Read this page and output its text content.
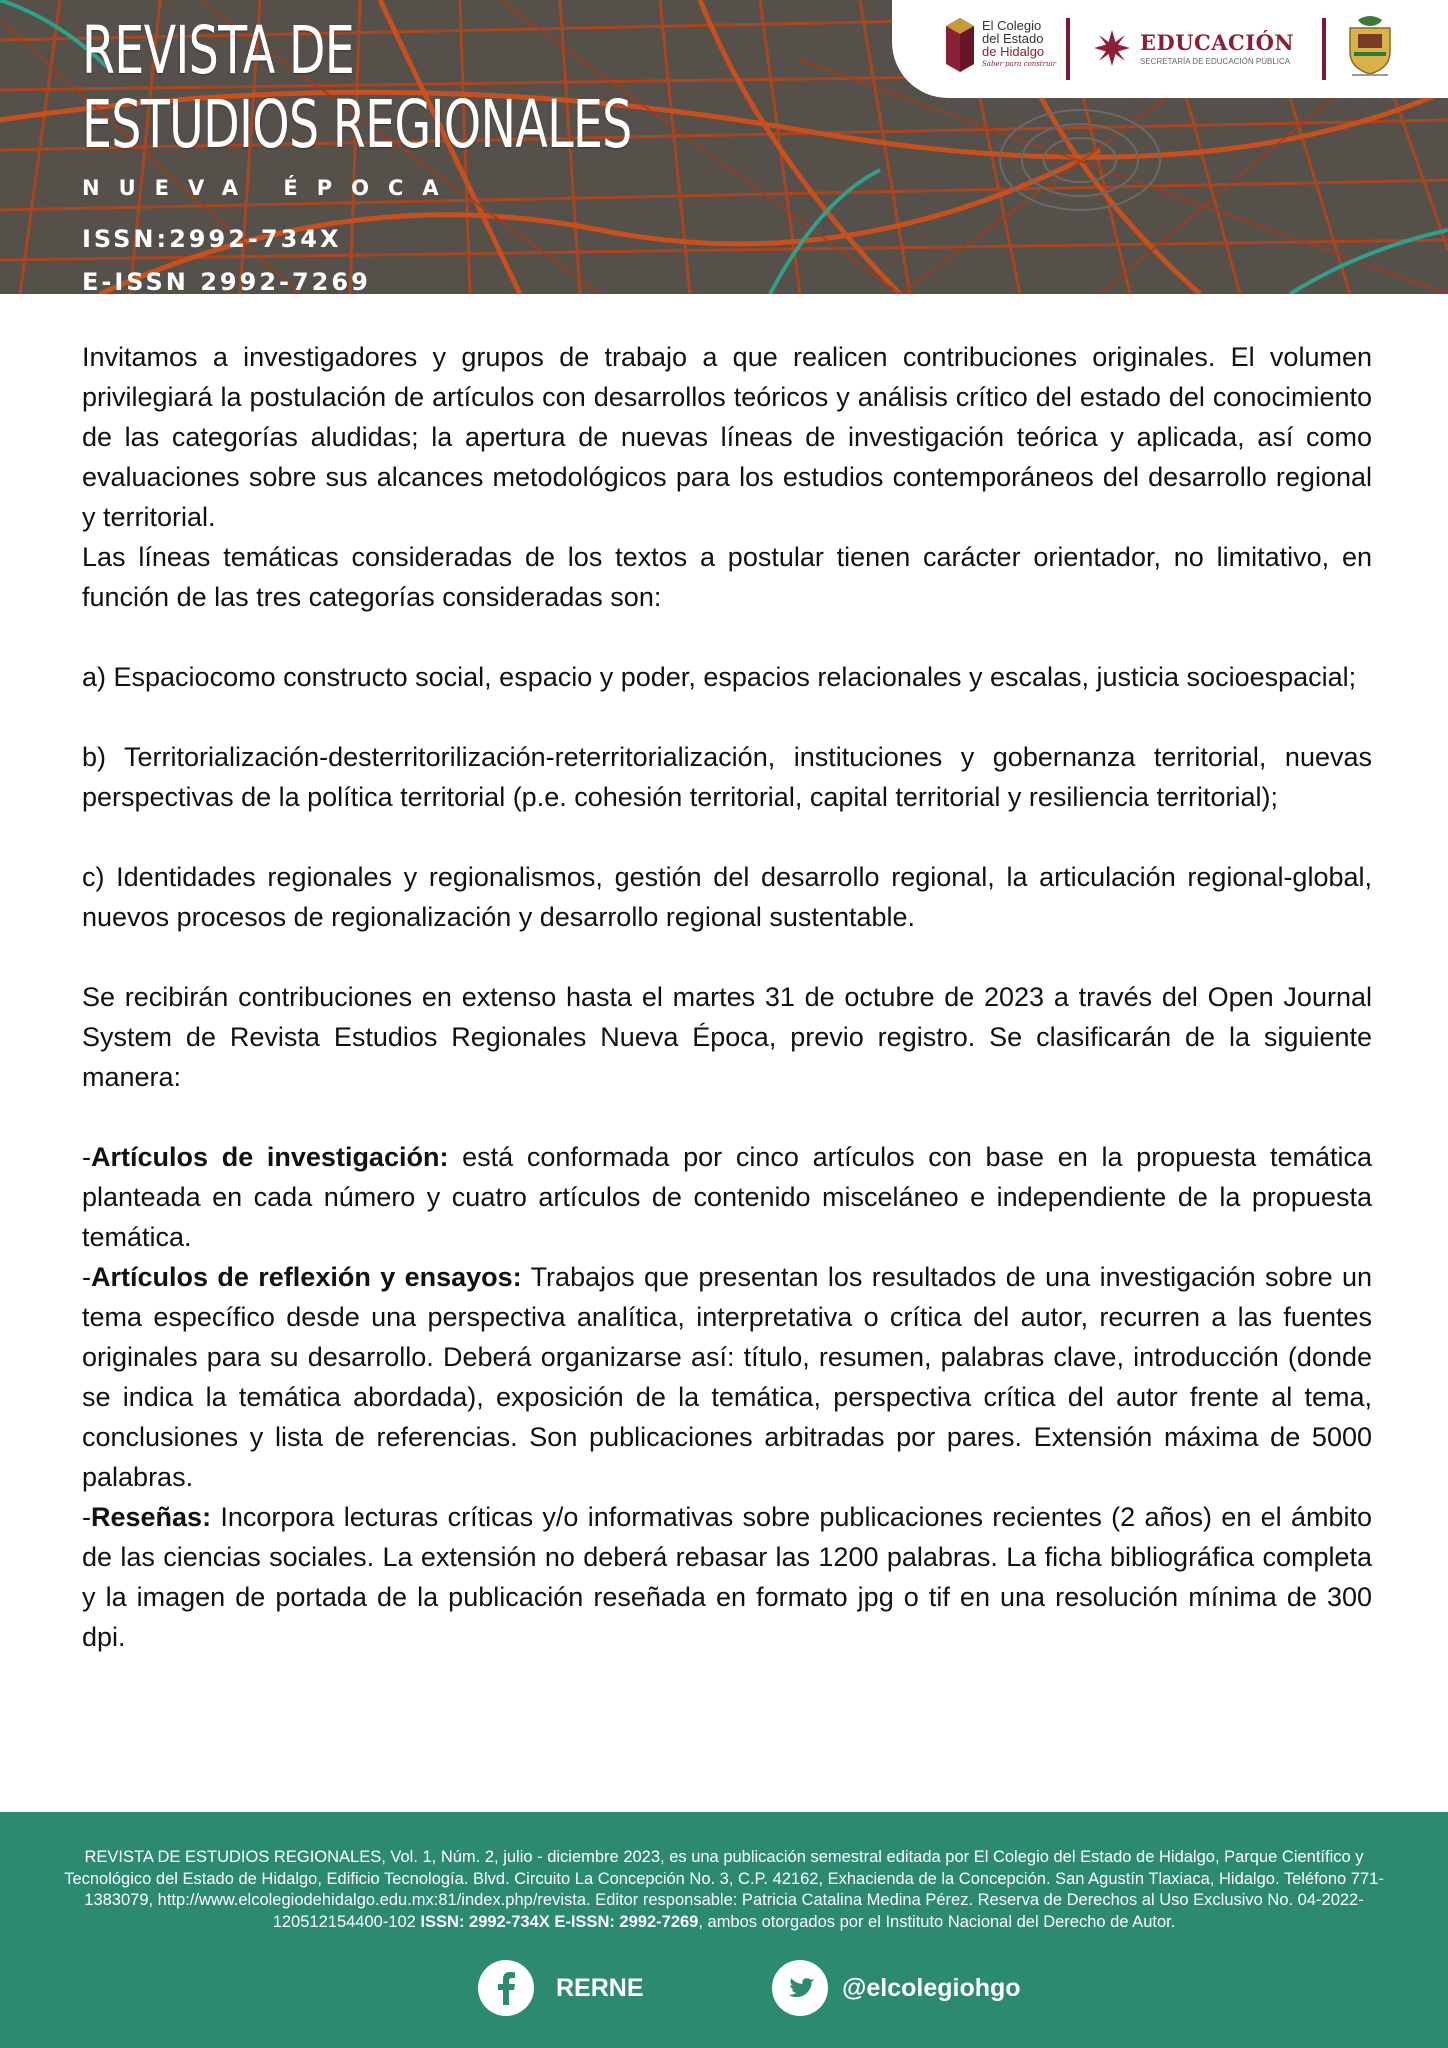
REVISTA DE
ESTUDIOS REGIONALES
NUEVA ÉPOCA
ISSN:2992-734X
E-ISSN 2992-7269
El Colegio
del Estado
de Hidalgo
Saber para construir
EDUCACIÓN
SECRETARÍA DE EDUCACIÓN PÚBLICA

Invitamos a investigadores y grupos de trabajo a que realicen contribuciones originales. El volumen privilegiará la postulación de artículos con desarrollos teóricos y análisis crítico del estado del conocimiento de las categorías aludidas; la apertura de nuevas líneas de investigación teórica y aplicada, así como evaluaciones sobre sus alcances metodológicos para los estudios contemporáneos del desarrollo regional y territorial.

Las líneas temáticas consideradas de los textos a postular tienen carácter orientador, no limitativo, en función de las tres categorías consideradas son:

a) Espaciocomo constructo social, espacio y poder, espacios relacionales y escalas, justicia socioespacial;

b) Territorialización-desterritorilización-reterritorialización, instituciones y gobernanza territorial, nuevas perspectivas de la política territorial (p.e. cohesión territorial, capital territorial y resiliencia territorial);

c) Identidades regionales y regionalismos, gestión del desarrollo regional, la articulación regional-global, nuevos procesos de regionalización y desarrollo regional sustentable.

Se recibirán contribuciones en extenso hasta el martes 31 de octubre de 2023 a través del Open Journal System de Revista Estudios Regionales Nueva Época, previo registro. Se clasificarán de la siguiente manera:

-Artículos de investigación: está conformada por cinco artículos con base en la propuesta temática planteada en cada número y cuatro artículos de contenido misceláneo e independiente de la propuesta temática.

-Artículos de reflexión y ensayos: Trabajos que presentan los resultados de una investigación sobre un tema específico desde una perspectiva analítica, interpretativa o crítica del autor, recurren a las fuentes originales para su desarrollo. Deberá organizarse así: título, resumen, palabras clave, introducción (donde se indica la temática abordada), exposición de la temática, perspectiva crítica del autor frente al tema, conclusiones y lista de referencias. Son publicaciones arbitradas por pares. Extensión máxima de 5000 palabras.

-Reseñas: Incorpora lecturas críticas y/o informativas sobre publicaciones recientes (2 años) en el ámbito de las ciencias sociales. La extensión no deberá rebasar las 1200 palabras. La ficha bibliográfica completa y la imagen de portada de la publicación reseñada en formato jpg o tif en una resolución mínima de 300 dpi.

REVISTA DE ESTUDIOS REGIONALES, Vol. 1, Núm. 2, julio - diciembre 2023, es una publicación semestral editada por El Colegio del Estado de Hidalgo, Parque Científico y Tecnológico del Estado de Hidalgo, Edificio Tecnología. Blvd. Circuito La Concepción No. 3, C.P. 42162, Exhacienda de la Concepción. San Agustín Tlaxiaca, Hidalgo. Teléfono 771-1383079, http://www.elcolegiodehidalgo.edu.mx:81/index.php/revista. Editor responsable: Patricia Catalina Medina Pérez. Reserva de Derechos al Uso Exclusivo No. 04-2022-120512154400-102 ISSN: 2992-734X E-ISSN: 2992-7269, ambos otorgados por el Instituto Nacional del Derecho de Autor.
RERNE	@elcolegiohgo
